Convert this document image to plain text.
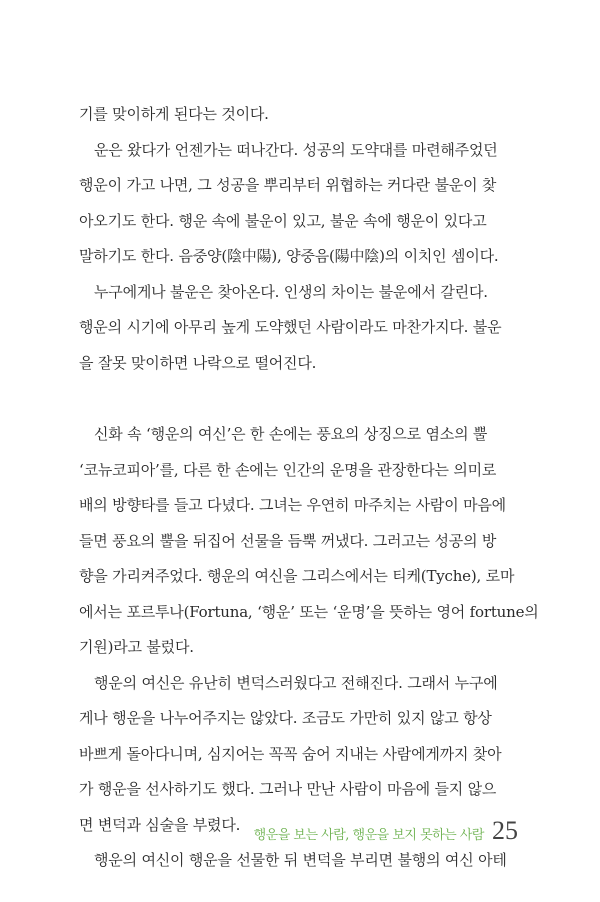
기를 맞이하게 된다는 것이다.
운은 왔다가 언젠가는 떠나간다. 성공의 도약대를 마련해주었던
행운이 가고 나면, 그 성공을 뿌리부터 위협하는 커다란 불운이 찾
아오기도 한다. 행운 속에 불운이 있고, 불운 속에 행운이 있다고
말하기도 한다. 음중양(陰中陽), 양중음(陽中陰)의 이치인 셈이다.
누구에게나 불운은 찾아온다. 인생의 차이는 불운에서 갈린다.
행운의 시기에 아무리 높게 도약했던 사람이라도 마찬가지다. 불운
을 잘못 맞이하면 나락으로 떨어진다.
신화 속 ‘행운의 여신’은 한 손에는 풍요의 상징으로 염소의 뿔
‘코뉴코피아’를, 다른 한 손에는 인간의 운명을 관장한다는 의미로
배의 방향타를 들고 다녔다. 그녀는 우연히 마주치는 사람이 마음에
들면 풍요의 뿔을 뒤집어 선물을 듬뿍 꺼냈다. 그러고는 성공의 방
향을 가리켜주었다. 행운의 여신을 그리스에서는 티케(Tyche), 로마
에서는 포르투나(Fortuna, ‘행운’ 또는 ‘운명’을 뜻하는 영어 fortune의
기원)라고 불렀다.
행운의 여신은 유난히 변덕스러웠다고 전해진다. 그래서 누구에
게나 행운을 나누어주지는 않았다. 조금도 가만히 있지 않고 항상
바쁘게 돌아다니며, 심지어는 꼭꼭 숨어 지내는 사람에게까지 찾아
가 행운을 선사하기도 했다. 그러나 만난 사람이 마음에 들지 않으
면 변덕과 심술을 부렸다.
행운의 여신이 행운을 선물한 뒤 변덕을 부리면 불행의 여신 아테
행운을 보는 사람, 행운을 보지 못하는 사람 25
